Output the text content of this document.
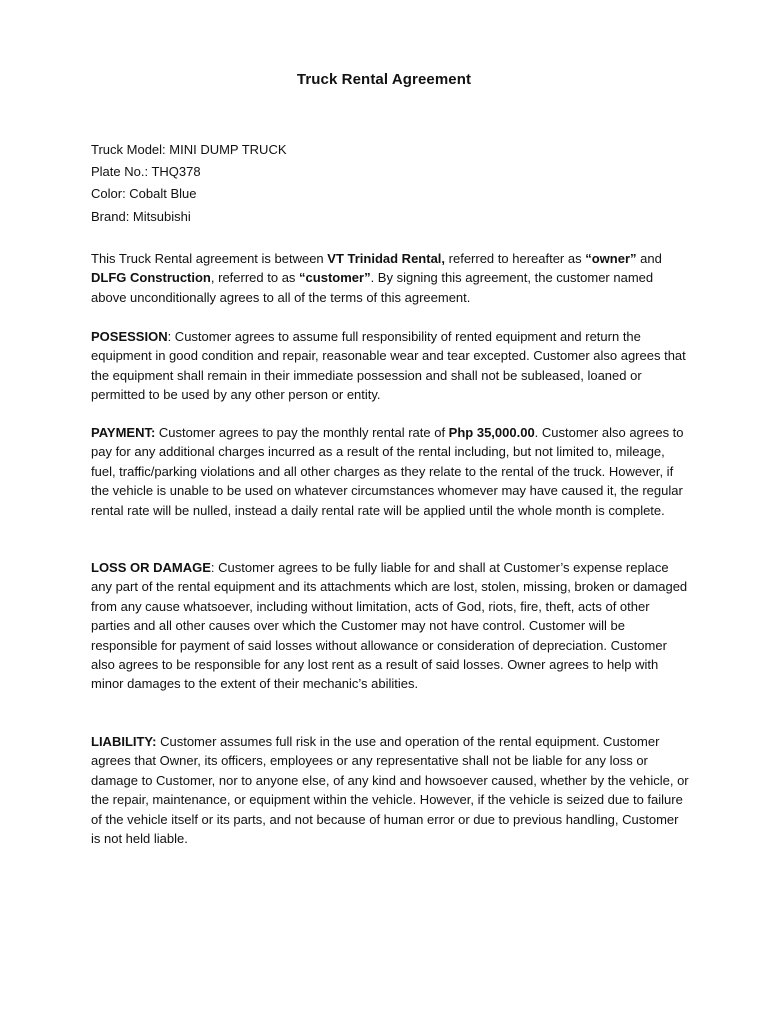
Truck Rental Agreement
Truck Model: MINI DUMP TRUCK
Plate No.: THQ378
Color: Cobalt Blue
Brand: Mitsubishi

This Truck Rental agreement is between VT Trinidad Rental, referred to hereafter as “owner” and DLFG Construction, referred to as “customer”. By signing this agreement, the customer named above unconditionally agrees to all of the terms of this agreement.

POSESSION: Customer agrees to assume full responsibility of rented equipment and return the equipment in good condition and repair, reasonable wear and tear excepted. Customer also agrees that the equipment shall remain in their immediate possession and shall not be subleased, loaned or permitted to be used by any other person or entity.

PAYMENT: Customer agrees to pay the monthly rental rate of Php 35,000.00. Customer also agrees to pay for any additional charges incurred as a result of the rental including, but not limited to, mileage, fuel, traffic/parking violations and all other charges as they relate to the rental of the truck. However, if the vehicle is unable to be used on whatever circumstances whomever may have caused it, the regular rental rate will be nulled, instead a daily rental rate will be applied until the whole month is complete.

LOSS OR DAMAGE: Customer agrees to be fully liable for and shall at Customer’s expense replace any part of the rental equipment and its attachments which are lost, stolen, missing, broken or damaged from any cause whatsoever, including without limitation, acts of God, riots, fire, theft, acts of other parties and all other causes over which the Customer may not have control. Customer will be responsible for payment of said losses without allowance or consideration of depreciation. Customer also agrees to be responsible for any lost rent as a result of said losses. Owner agrees to help with minor damages to the extent of their mechanic’s abilities.

LIABILITY: Customer assumes full risk in the use and operation of the rental equipment. Customer agrees that Owner, its officers, employees or any representative shall not be liable for any loss or damage to Customer, nor to anyone else, of any kind and howsoever caused, whether by the vehicle, or the repair, maintenance, or equipment within the vehicle. However, if the vehicle is seized due to failure of the vehicle itself or its parts, and not because of human error or due to previous handling, Customer is not held liable.
